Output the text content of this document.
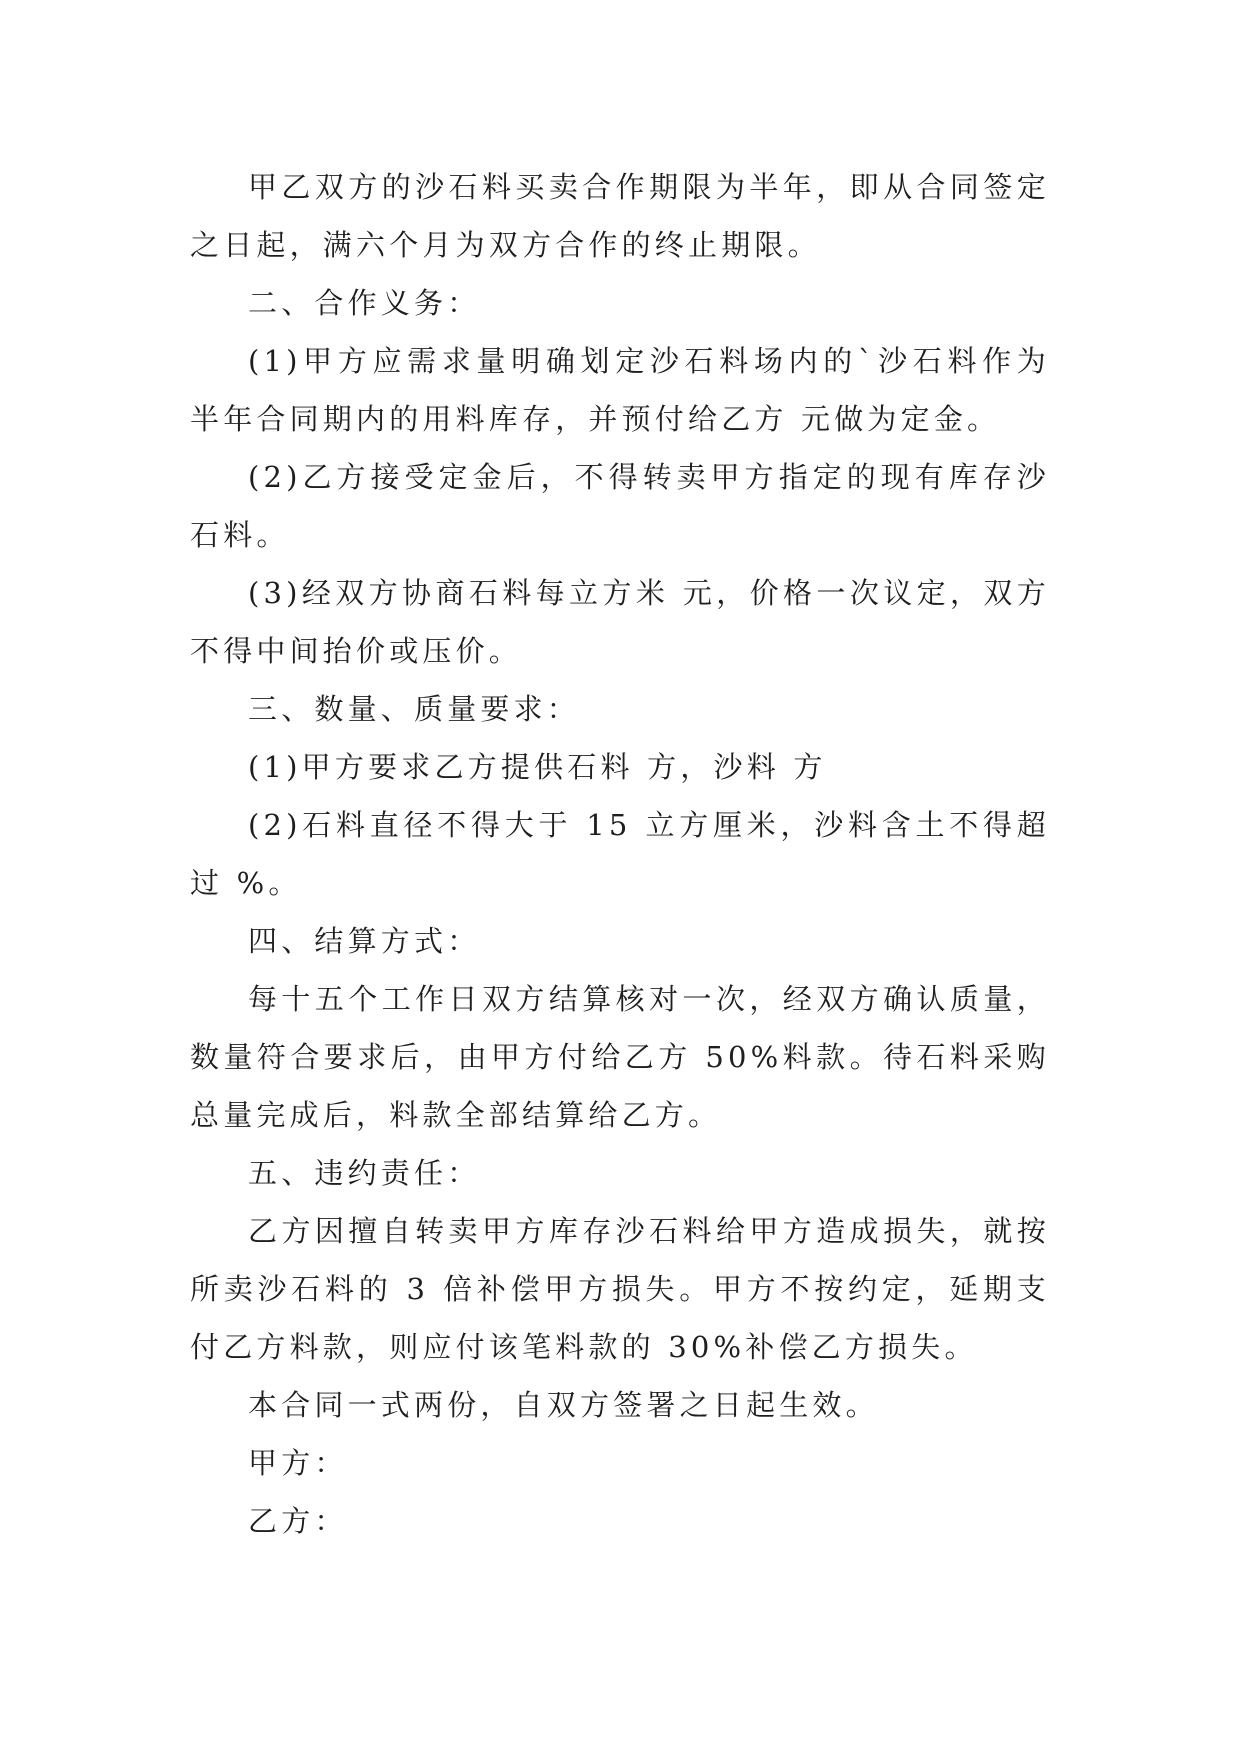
甲乙双方的沙石料买卖合作期限为半年，即从合同签定之日起，满六个月为双方合作的终止期限。

二、合作义务：

(1)甲方应需求量明确划定沙石料场内的`沙石料作为半年合同期内的用料库存，并预付给乙方 元做为定金。

(2)乙方接受定金后，不得转卖甲方指定的现有库存沙石料。

(3)经双方协商石料每立方米 元，价格一次议定，双方不得中间抬价或压价。

三、数量、质量要求：

(1)甲方要求乙方提供石料 方，沙料 方

(2)石料直径不得大于 15 立方厘米，沙料含土不得超过 %。

四、结算方式：

每十五个工作日双方结算核对一次，经双方确认质量，数量符合要求后，由甲方付给乙方 50%料款。待石料采购总量完成后，料款全部结算给乙方。

五、违约责任：

乙方因擅自转卖甲方库存沙石料给甲方造成损失，就按所卖沙石料的 3 倍补偿甲方损失。甲方不按约定，延期支付乙方料款，则应付该笔料款的 30%补偿乙方损失。

本合同一式两份，自双方签署之日起生效。

甲方：

乙方：
